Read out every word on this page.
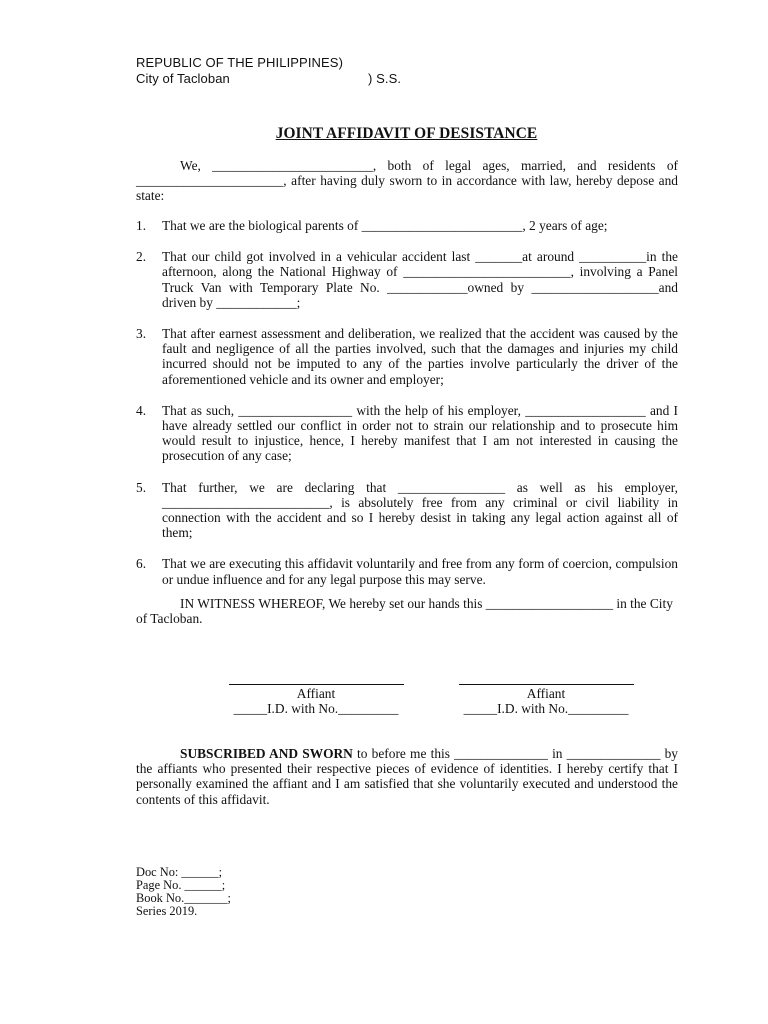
REPUBLIC OF THE PHILIPPINES)
City of Tacloban	) S.S.
JOINT AFFIDAVIT OF DESISTANCE
We, ________________________, both of legal ages, married, and residents of ______________________, after having duly sworn to in accordance with law, hereby depose and state:
1. That we are the biological parents of ________________________, 2 years of age;
2. That our child got involved in a vehicular accident last _______at around __________in the afternoon, along the National Highway of _________________________, involving a Panel Truck Van with Temporary Plate No. ____________owned by ___________________and driven by ____________;
3. That after earnest assessment and deliberation, we realized that the accident was caused by the fault and negligence of all the parties involved, such that the damages and injuries my child incurred should not be imputed to any of the parties involve particularly the driver of the aforementioned vehicle and its owner and employer;
4. That as such, _________________ with the help of his employer, __________________ and I have already settled our conflict in order not to strain our relationship and to prosecute him would result to injustice, hence, I hereby manifest that I am not interested in causing the prosecution of any case;
5. That further, we are declaring that ________________ as well as his employer, _________________________, is absolutely free from any criminal or civil liability in connection with the accident and so I hereby desist in taking any legal action against all of them;
6. That we are executing this affidavit voluntarily and free from any form of coercion, compulsion or undue influence and for any legal purpose this may serve.
IN WITNESS WHEREOF, We hereby set our hands this ___________________ in the City of Tacloban.
Affiant
_____I.D. with No._________
Affiant
_____I.D. with No._________
SUBSCRIBED AND SWORN to before me this ______________ in ______________ by the affiants who presented their respective pieces of evidence of identities. I hereby certify that I personally examined the affiant and I am satisfied that she voluntarily executed and understood the contents of this affidavit.
Doc No: ______;
Page No. ______;
Book No._______;
Series 2019.
